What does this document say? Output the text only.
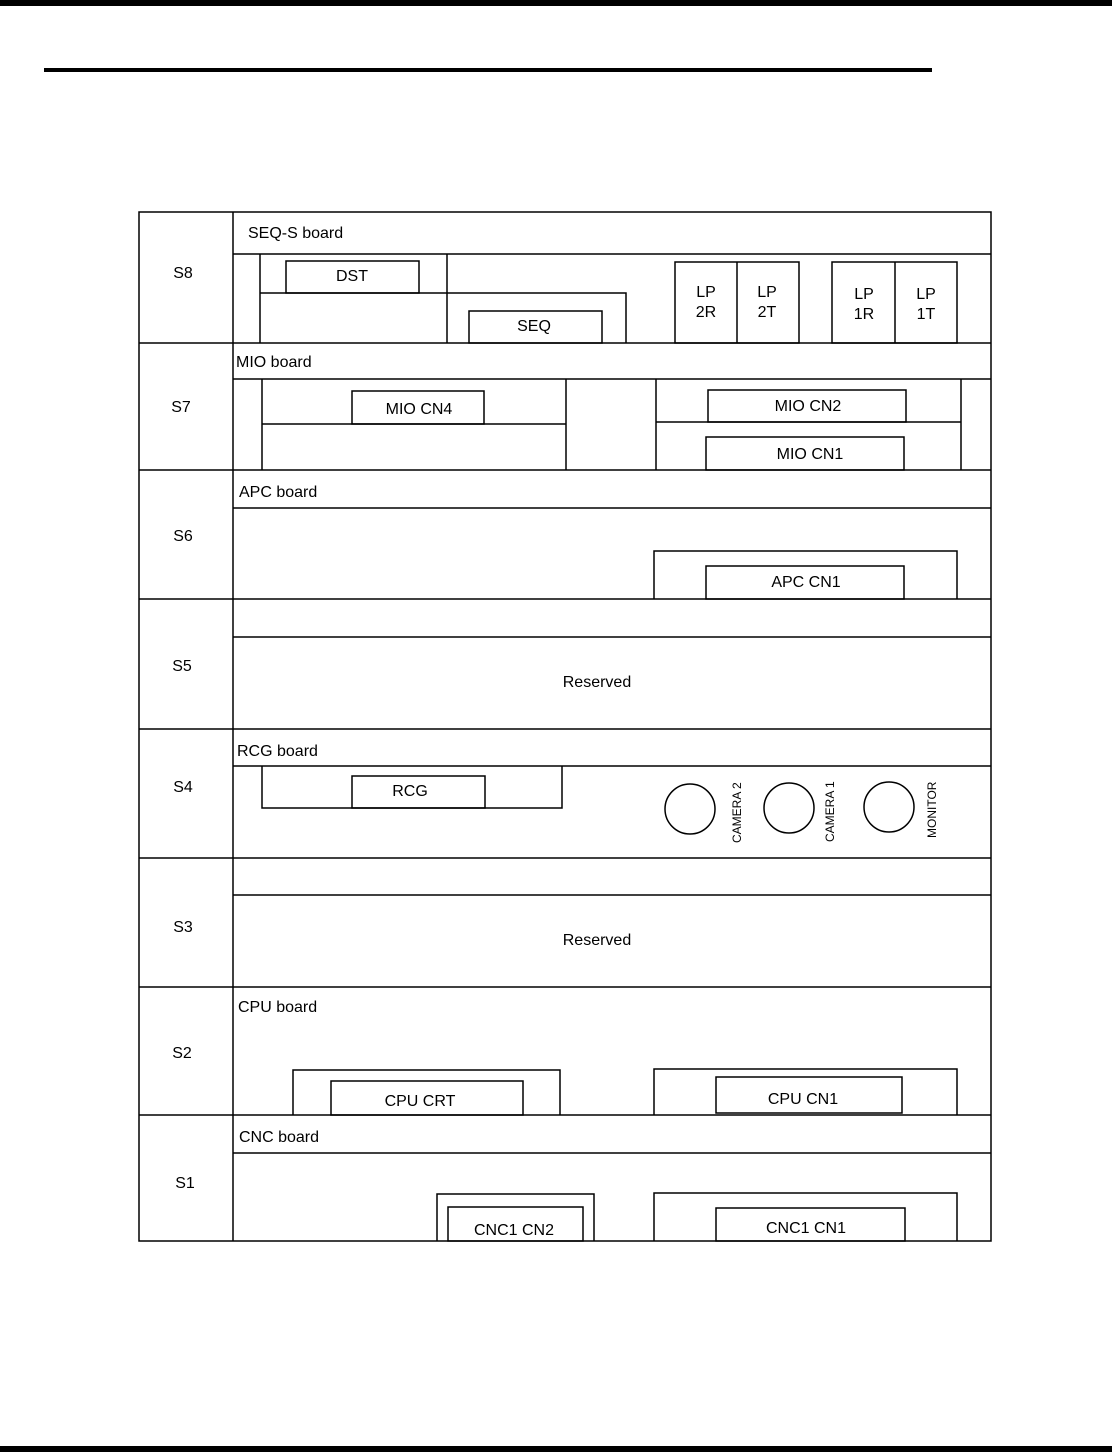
S8
S7
S6
S5
S4
S3
S2
S1
SEQ-S board
MIO board
APC board
RCG board
CPU board
CNC board
DST
SEQ
LP
2R
LP
2T
LP
1R
LP
1T
MIO CN4	MIO CN2
MIO CN1
APC CN1
Reserved
RCG	CAMERA 2	CAMERA 1	MONITOR
Reserved
CPU CRT	CPU CN1
CNC1 CN2	CNC1 CN1
